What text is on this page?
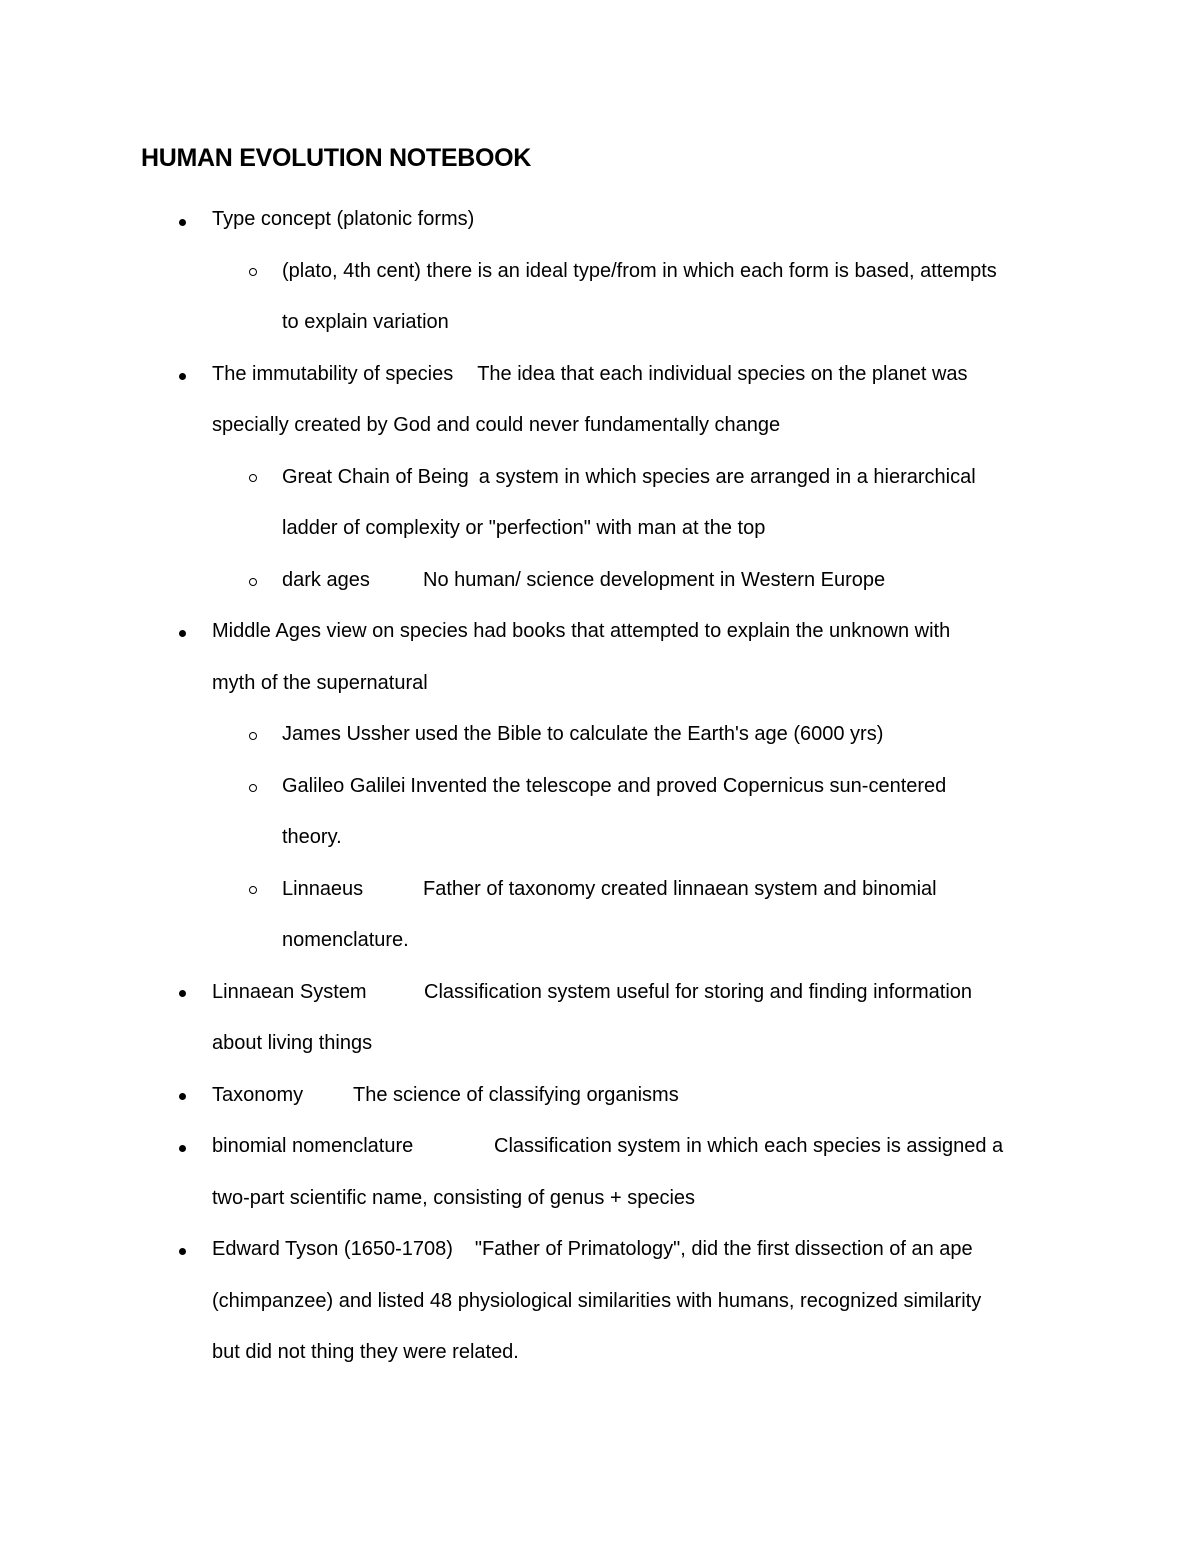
HUMAN EVOLUTION NOTEBOOK
Type concept (platonic forms)
(plato, 4th cent) there is an ideal type/from in which each form is based, attempts
to explain variation
The immutability of species The idea that each individual species on the planet was
specially created by God and could never fundamentally change
Great Chain of Being a system in which species are arranged in a hierarchical
ladder of complexity or "perfection" with man at the top
dark ages	No human/ science development in Western Europe
Middle Ages view on species had books that attempted to explain the unknown with
myth of the supernatural
James Ussher used the Bible to calculate the Earth's age (6000 yrs)
Galileo Galilei Invented the telescope and proved Copernicus sun-centered
theory.
Linnaeus	Father of taxonomy created linnaean system and binomial
nomenclature.
Linnaean System	Classification system useful for storing and finding information
about living things
Taxonomy The science of classifying organisms
binomial nomenclature	Classification system in which each species is assigned a
two-part scientific name, consisting of genus + species
Edward Tyson (1650-1708) "Father of Primatology", did the first dissection of an ape
(chimpanzee) and listed 48 physiological similarities with humans, recognized similarity
but did not thing they were related.
